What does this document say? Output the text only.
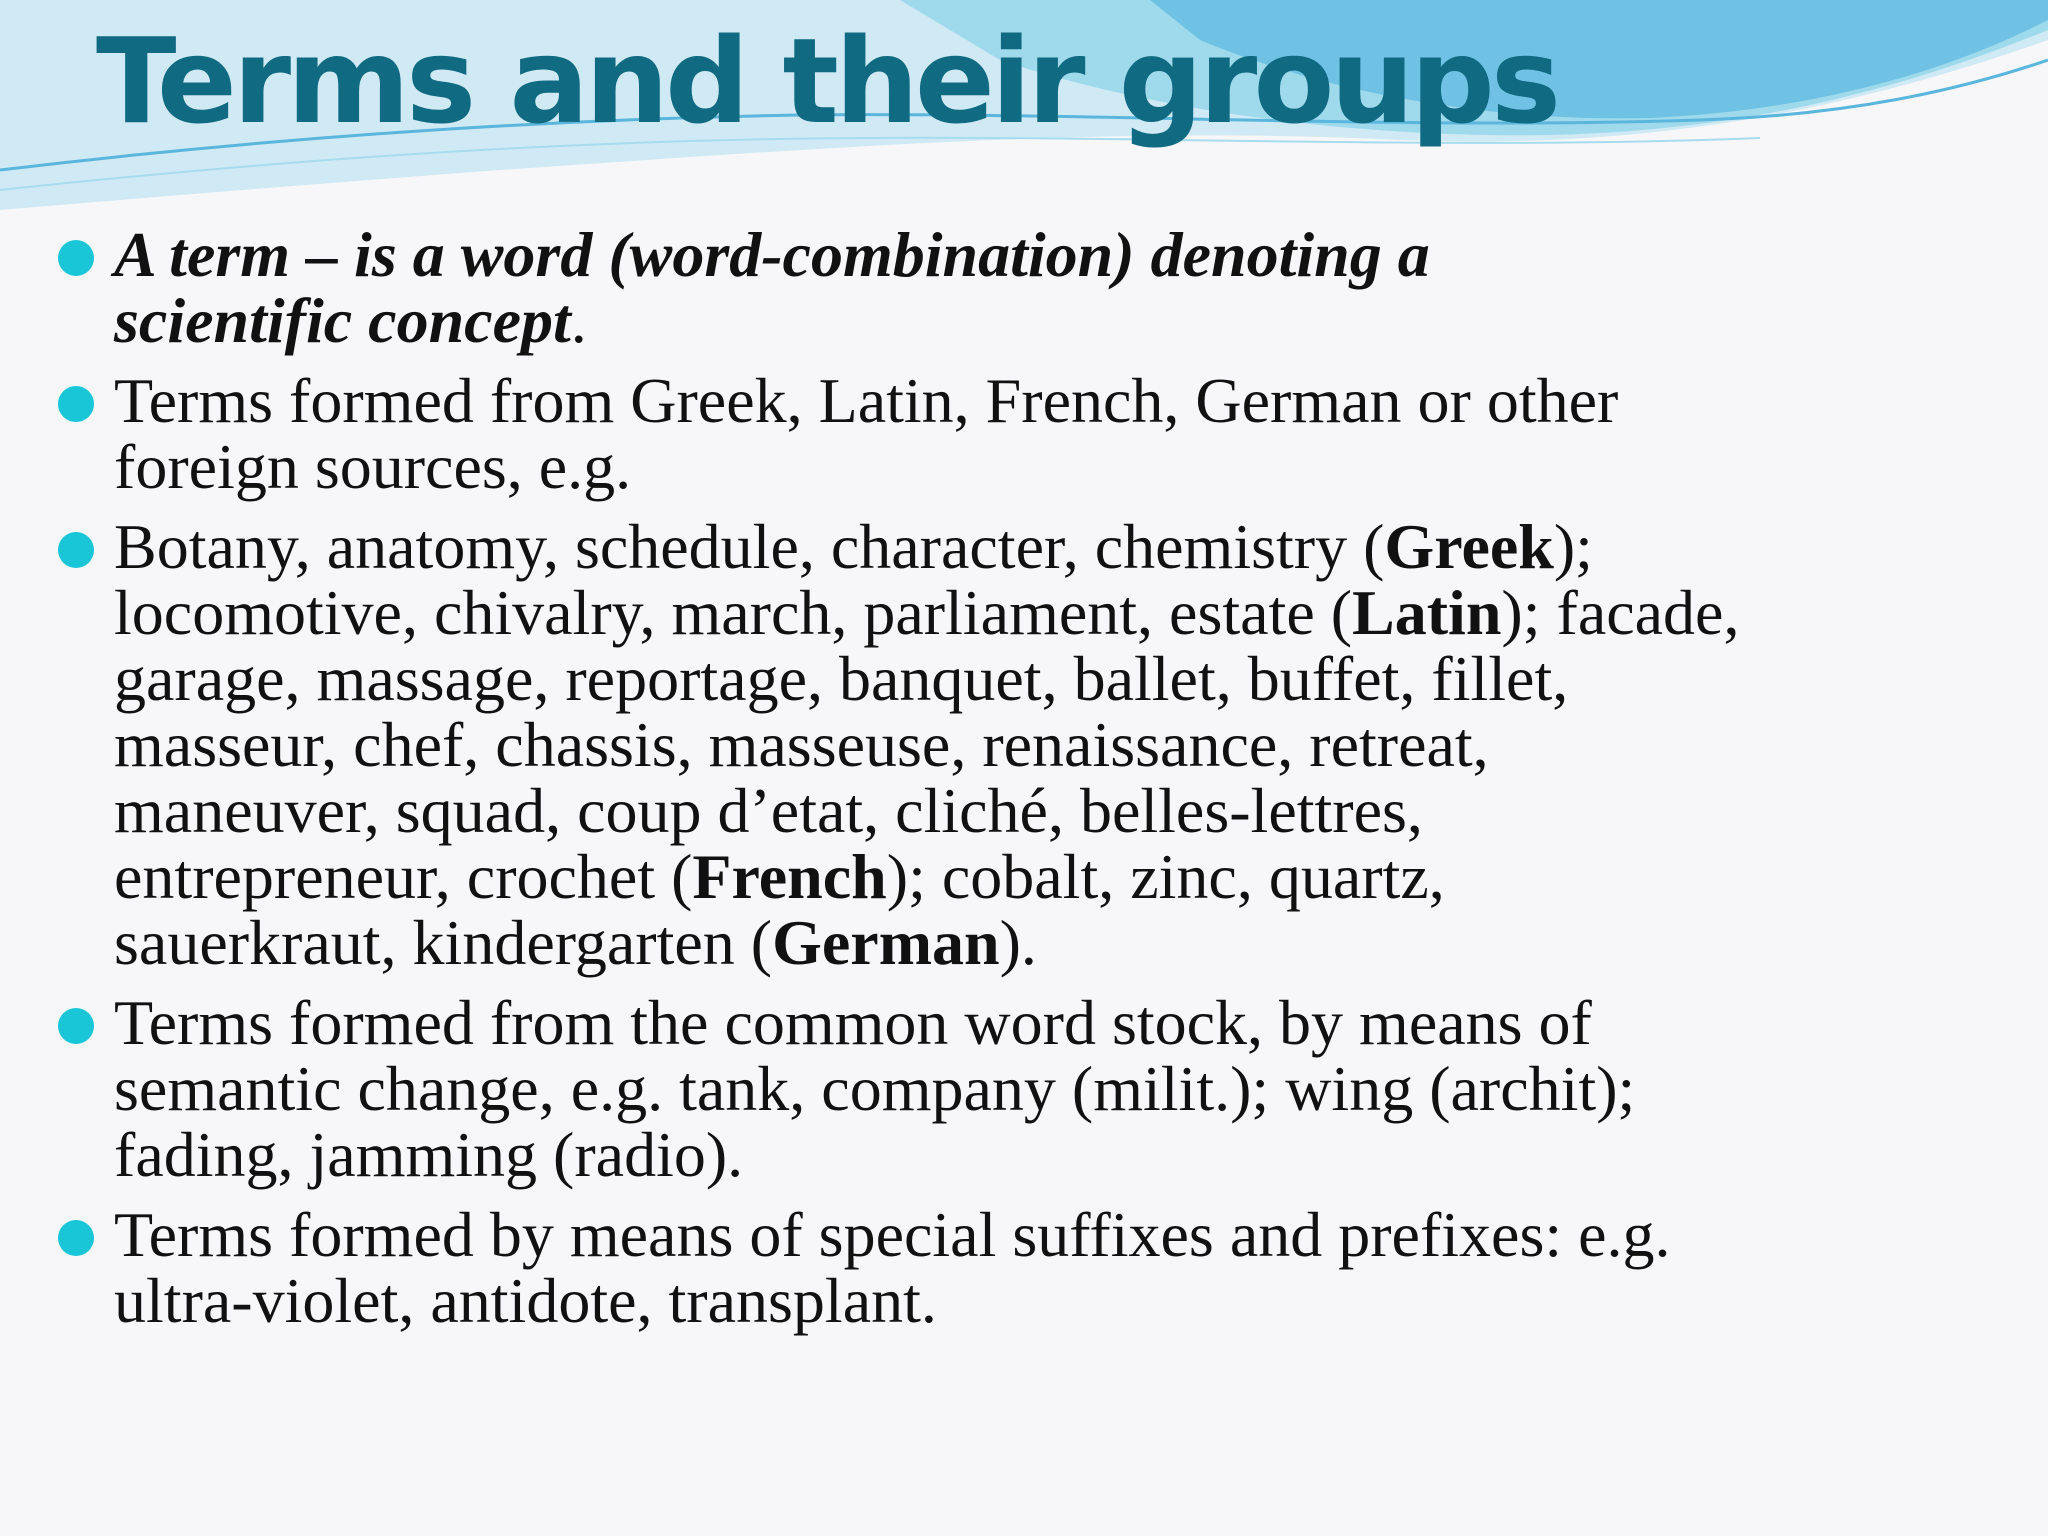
Terms and their groups
A term – is a word (word-combination) denoting a
scientific concept.
Terms formed from Greek, Latin, French, German or other
foreign sources, e.g.
Botany, anatomy, schedule, character, chemistry (Greek);
locomotive, chivalry, march, parliament, estate (Latin); facade,
garage, massage, reportage, banquet, ballet, buffet, fillet,
masseur, chef, chassis, masseuse, renaissance, retreat,
maneuver, squad, coup d’etat, cliché, belles-lettres,
entrepreneur, crochet (French); cobalt, zinc, quartz,
sauerkraut, kindergarten (German).
Terms formed from the common word stock, by means of
semantic change, e.g. tank, company (milit.); wing (archit);
fading, jamming (radio).
Terms formed by means of special suffixes and prefixes: e.g.
ultra-violet, antidote, transplant.
